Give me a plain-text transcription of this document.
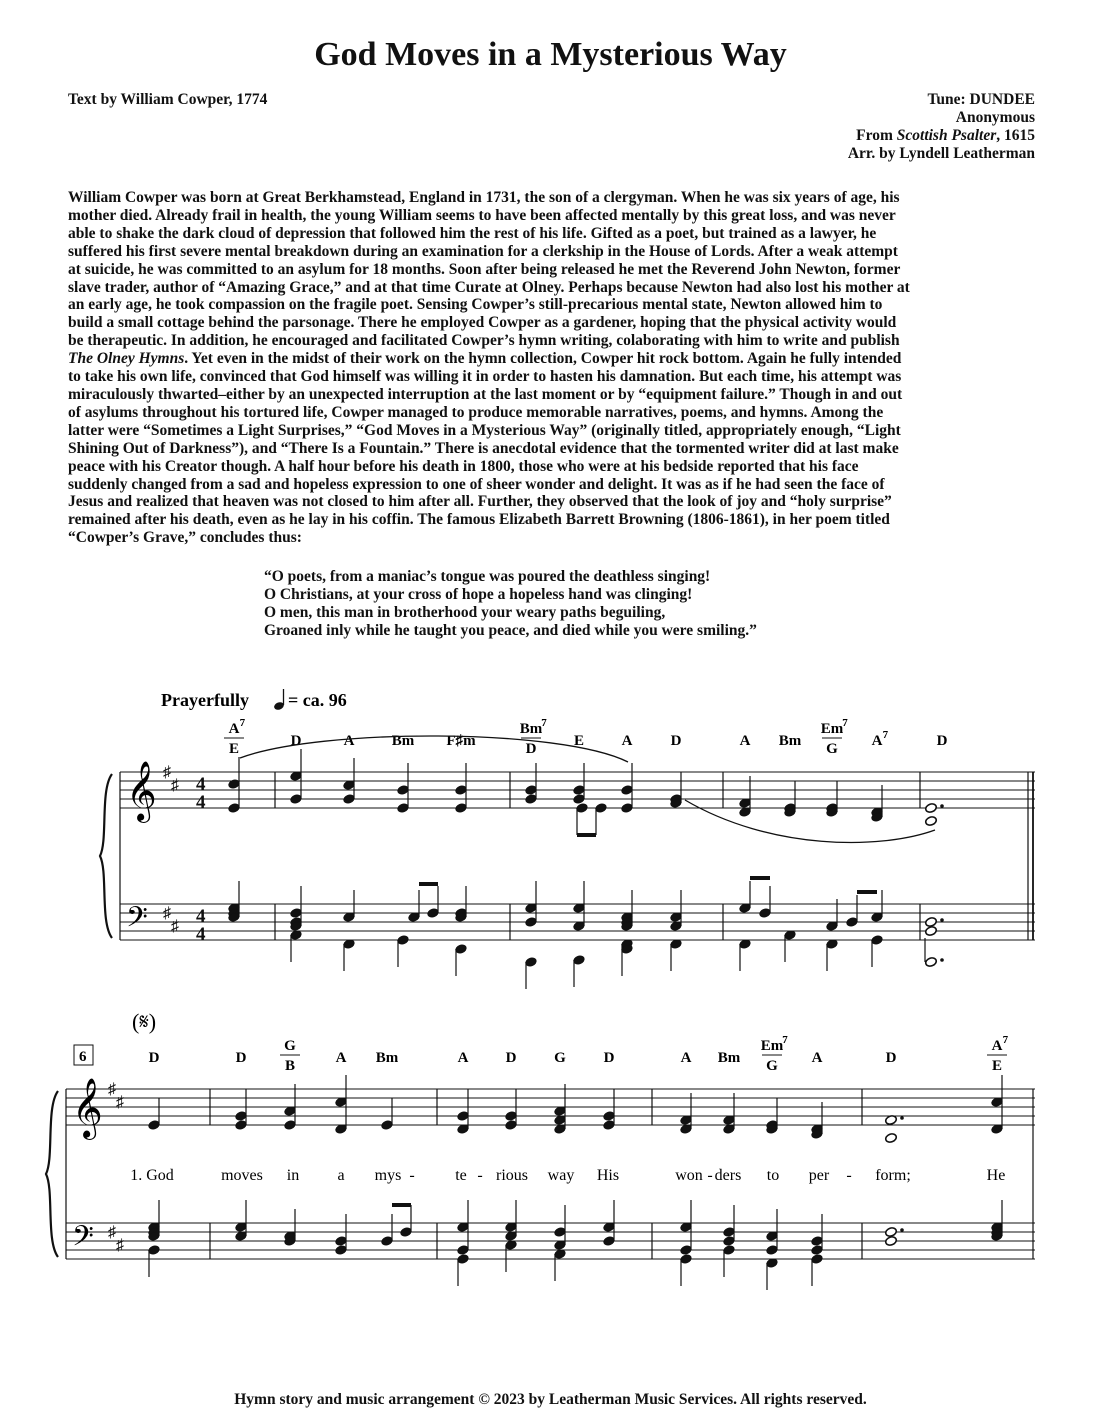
God Moves in a Mysterious Way
Text by William Cowper, 1774	Tune: DUNDEE
Anonymous
From Scottish Psalter, 1615
Arr. by Lyndell Leatherman

William Cowper was born at Great Berkhamstead, England in 1731, the son of a clergyman. When he was six years of age, his

mother died. Already frail in health, the young William seems to have been affected mentally by this great loss, and was never

able to shake the dark cloud of depression that followed him the rest of his life. Gifted as a poet, but trained as a lawyer, he

suffered his first severe mental breakdown during an examination for a clerkship in the House of Lords. After a weak attempt

at suicide, he was committed to an asylum for 18 months. Soon after being released he met the Reverend John Newton, former

slave trader, author of “Amazing Grace,” and at that time Curate at Olney. Perhaps because Newton had also lost his mother at

an early age, he took compassion on the fragile poet. Sensing Cowper’s still-precarious mental state, Newton allowed him to

build a small cottage behind the parsonage. There he employed Cowper as a gardener, hoping that the physical activity would

be therapeutic. In addition, he encouraged and facilitated Cowper’s hymn writing, colaborating with him to write and publish

The Olney Hymns. Yet even in the midst of their work on the hymn collection, Cowper hit rock bottom. Again he fully intended

to take his own life, convinced that God himself was willing it in order to hasten his damnation. But each time, his attempt was

miraculously thwarted–either by an unexpected interruption at the last moment or by “equipment failure.” Though in and out

of asylums throughout his tortured life, Cowper managed to produce memorable narratives, poems, and hymns. Among the

latter were “Sometimes a Light Surprises,” “God Moves in a Mysterious Way” (originally titled, appropriately enough, “Light

Shining Out of Darkness”), and “There Is a Fountain.” There is anecdotal evidence that the tormented writer did at last make

peace with his Creator though. A half hour before his death in 1800, those who were at his bedside reported that his face

suddenly changed from a sad and hopeless expression to one of sheer wonder and delight. It was as if he had seen the face of

Jesus and realized that heaven was not closed to him after all. Further, they observed that the look of joy and “holy surprise”

remained after his death, even as he lay in his coffin. The famous Elizabeth Barrett Browning (1806-1861), in her poem titled

“Cowper’s Grave,” concludes thus:

“O poets, from a maniac’s tongue was poured the deathless singing!

O Christians, at your cross of hope a hopeless hand was clinging!

O men, this man in brotherhood your weary paths beguiling,

Groaned inly while he taught you peace, and died while you were smiling.”

Prayerfully = ca. 96
A 7
E	D	A Bm F♯m
Bm
7
D	E	A	D	A Bm
Em
7
G A 7	D
D	D
G
B	A Bm	A D	G	D	A Bm
Em
7
G A	D
A 7
E
𝄞
𝄢
♯
♯
♯
♯
4
4
4
4
(𝄋)
6
𝄞
𝄢
♯
♯
♯
♯
1. God	moves in a mys -	te - rious way His	won - ders to per - form;	He
Hymn story and music arrangement © 2023 by Leatherman Music Services. All rights reserved.
